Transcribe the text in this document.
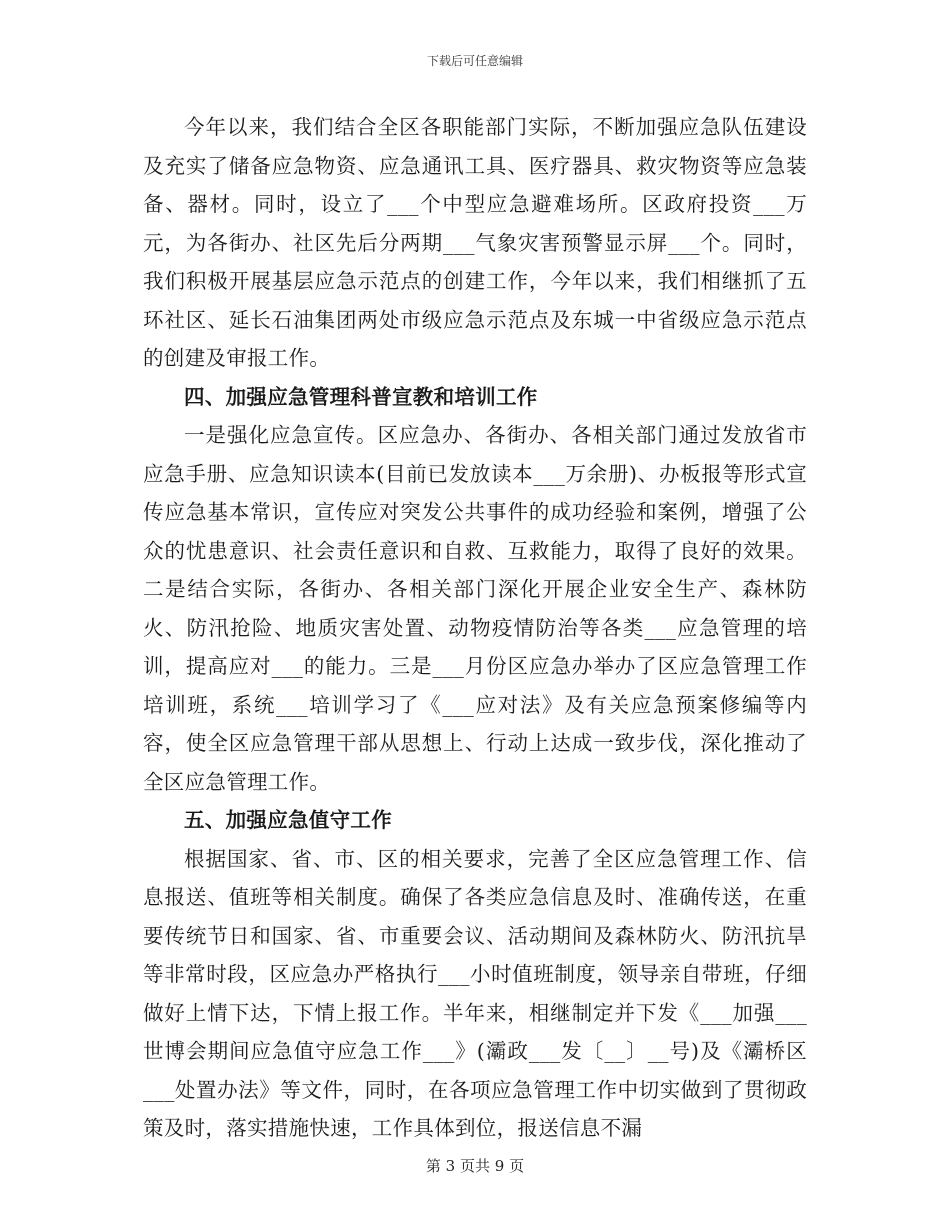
下载后可任意编辑

今年以来，我们结合全区各职能部门实际，不断加强应急队伍建设及充实了储备应急物资、应急通讯工具、医疗器具、救灾物资等应急装备、器材。同时，设立了___个中型应急避难场所。区政府投资___万元，为各街办、社区先后分两期___气象灾害预警显示屏___个。同时，我们积极开展基层应急示范点的创建工作，今年以来，我们相继抓了五环社区、延长石油集团两处市级应急示范点及东城一中省级应急示范点的创建及审报工作。

四、加强应急管理科普宣教和培训工作

一是强化应急宣传。区应急办、各街办、各相关部门通过发放省市应急手册、应急知识读本(目前已发放读本___万余册)、办板报等形式宣传应急基本常识，宣传应对突发公共事件的成功经验和案例，增强了公众的忧患意识、社会责任意识和自救、互救能力，取得了良好的效果。二是结合实际，各街办、各相关部门深化开展企业安全生产、森林防火、防汛抢险、地质灾害处置、动物疫情防治等各类___应急管理的培训，提高应对___的能力。三是___月份区应急办举办了区应急管理工作培训班，系统___培训学习了《___应对法》及有关应急预案修编等内容，使全区应急管理干部从思想上、行动上达成一致步伐，深化推动了全区应急管理工作。

五、加强应急值守工作

根据国家、省、市、区的相关要求，完善了全区应急管理工作、信息报送、值班等相关制度。确保了各类应急信息及时、准确传送，在重要传统节日和国家、省、市重要会议、活动期间及森林防火、防汛抗旱等非常时段，区应急办严格执行___小时值班制度，领导亲自带班，仔细做好上情下达，下情上报工作。半年来，相继制定并下发《___加强___世博会期间应急值守应急工作___》(灞政___发〔__〕__号)及《灞桥区___处置办法》等文件，同时，在各项应急管理工作中切实做到了贯彻政策及时，落实措施快速，工作具体到位，报送信息不漏

第 3 页共 9 页
